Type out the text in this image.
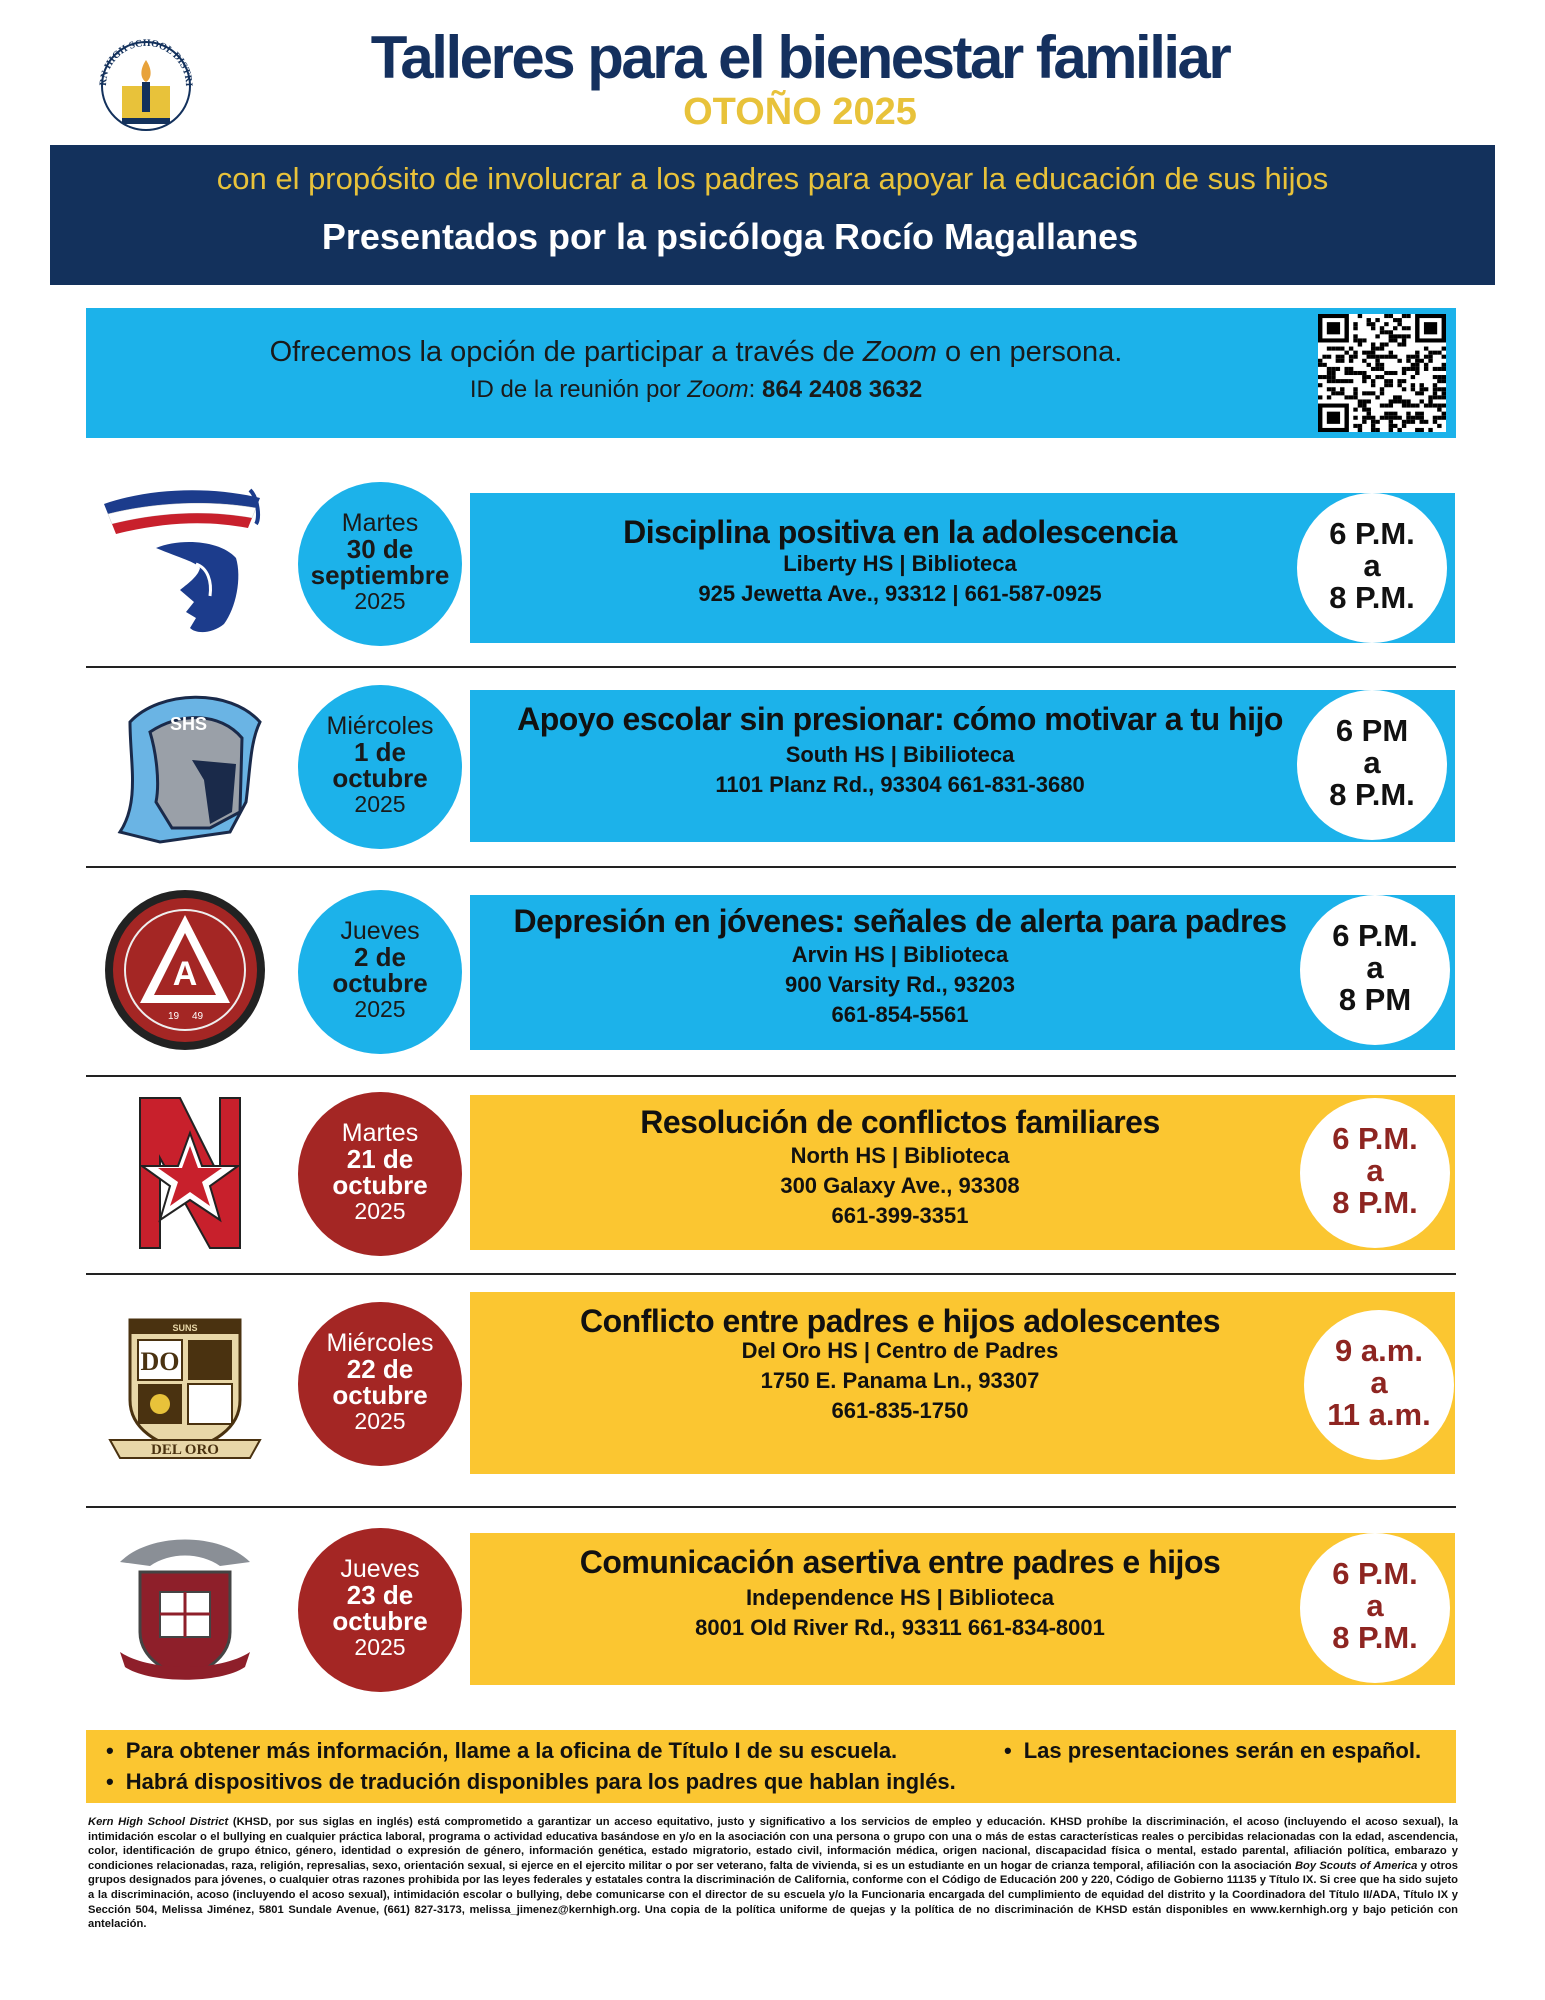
RN HIGH SCHOOL DISTRI	Talleres para el bienestar familiar
OTOÑO 2025
con el propósito de involucrar a los padres para apoyar la educación de sus hijos
Presentados por la psicóloga Rocío Magallanes
Ofrecemos la opción de participar a través de Zoom o en persona.
ID de la reunión por Zoom: 864 2408 3632
Martes
30 de
septiembre
2025
Disciplina positiva en la adolescencia
Liberty HS | Biblioteca
925 Jewetta Ave., 93312 | 661-587-0925
6 P.M.
a
8 P.M.
SHS	Miércoles
1 de
octubre
2025
Apoyo escolar sin presionar: cómo motivar a tu hijo
South HS | Bibilioteca
1101 Planz Rd., 93304 661-831-3680
6 PM
a
8 P.M.
A
19 49
Jueves
2 de
octubre
2025
Depresión en jóvenes: señales de alerta para padres
Arvin HS | Biblioteca
900 Varsity Rd., 93203
661-854-5561
6 P.M.
a
8 PM
Martes
21 de
octubre
2025
Resolución de conflictos familiares
North HS | Biblioteca
300 Galaxy Ave., 93308
661-399-3351
6 P.M.
a
8 P.M.
SUNS
DO
DEL ORO
Miércoles
22 de
octubre
2025
Conflicto entre padres e hijos adolescentes
Del Oro HS | Centro de Padres
1750 E. Panama Ln., 93307
661-835-1750
9 a.m.
a
11 a.m.
Jueves
23 de
octubre
2025
Comunicación asertiva entre padres e hijos
Independence HS | Biblioteca
8001 Old River Rd., 93311 661-834-8001
6 P.M.
a
8 P.M.
• Para obtener más información, llame a la oficina de Título I de su escuela.
•	Las presentaciones serán en español.
• Habrá dispositivos de tradución disponibles para los padres que hablan inglés.
Kern High School District (KHSD, por sus siglas en inglés) está comprometido a garantizar un acceso equitativo, justo y significativo a los servicios de empleo y educación. KHSD prohíbe la discriminación, el acoso (incluyendo el acoso sexual), la intimidación escolar o el bullying en cualquier práctica laboral, programa o actividad educativa basándose en y/o en la asociación con una persona o grupo con una o más de estas características reales o percibidas relacionadas con la edad, ascendencia, color, identificación de grupo étnico, género, identidad o expresión de género, información genética, estado migratorio, estado civil, información médica, origen nacional, discapacidad física o mental, estado parental, afiliación política, embarazo y condiciones relacionadas, raza, religión, represalias, sexo, orientación sexual, si ejerce en el ejercito militar o por ser veterano, falta de vivienda, si es un estudiante en un hogar de crianza temporal, afiliación con la asociación Boy Scouts of America y otros grupos designados para jóvenes, o cualquier otras razones prohibida por las leyes federales y estatales contra la discriminación de California, conforme con el Código de Educación 200 y 220, Código de Gobierno 11135 y Título IX. Si cree que ha sido sujeto a la discriminación, acoso (incluyendo el acoso sexual), intimidación escolar o bullying, debe comunicarse con el director de su escuela y/o la Funcionaria encargada del cumplimiento de equidad del distrito y la Coordinadora del Título II/ADA, Título IX y Sección 504, Melissa Jiménez, 5801 Sundale Avenue, (661) 827-3173, melissa_jimenez@kernhigh.org. Una copia de la política uniforme de quejas y la política de no discriminación de KHSD están disponibles en www.kernhigh.org y bajo petición con antelación.
